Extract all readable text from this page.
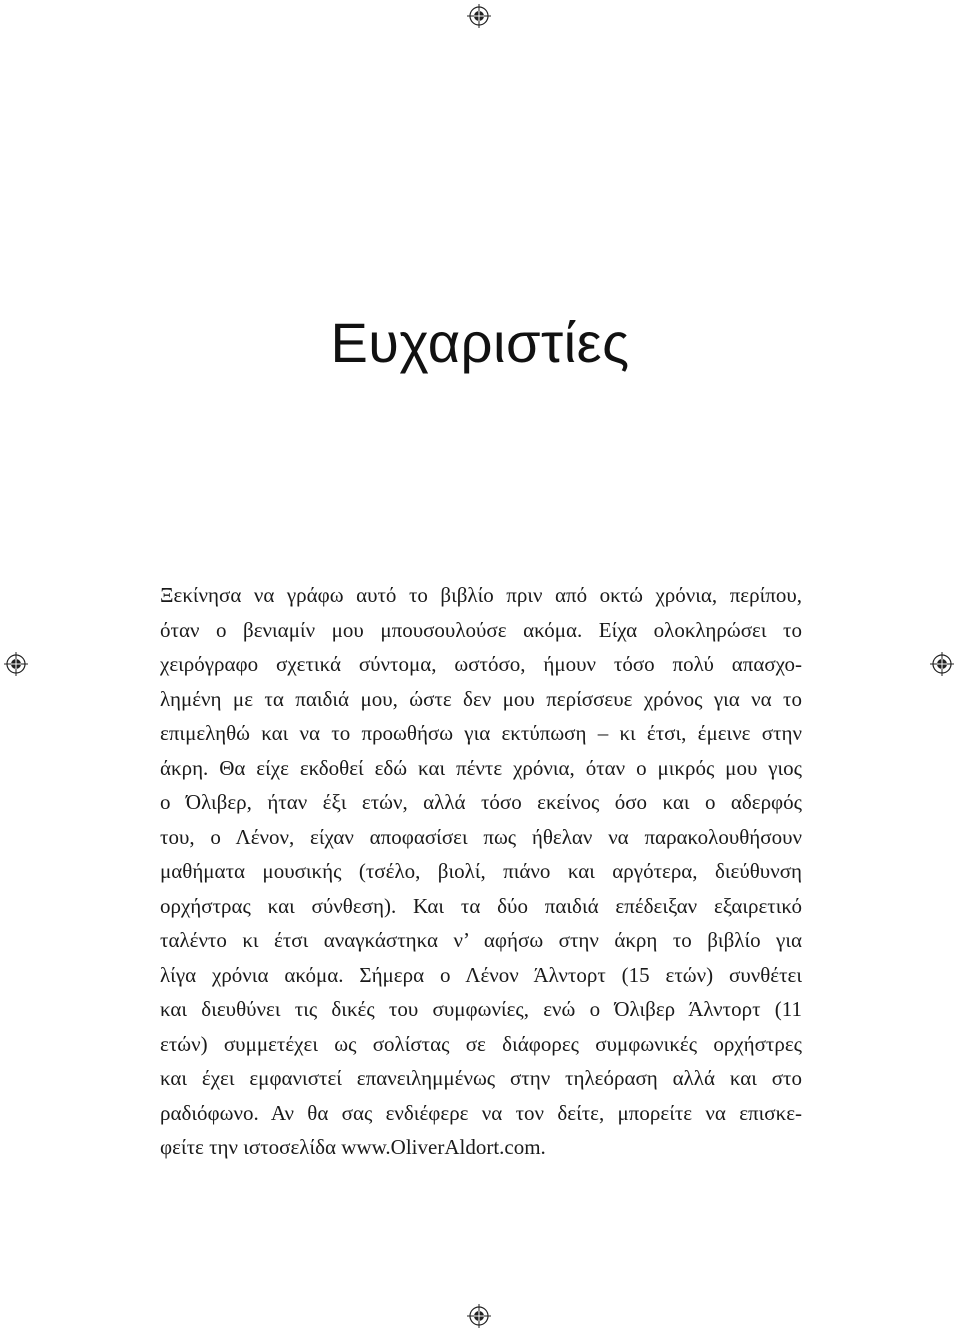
Ευχαριστίες
Ξεκίνησα να γράφω αυτό το βιβλίο πριν από οκτώ χρόνια, περίπου,
όταν ο βενιαμίν μου μπουσουλούσε ακόμα. Είχα ολοκληρώσει το
χειρόγραφο σχετικά σύντομα, ωστόσο, ήμουν τόσο πολύ απασχο-
λημένη με τα παιδιά μου, ώστε δεν μου περίσσευε χρόνος για να το
επιμεληθώ και να το προωθήσω για εκτύπωση – κι έτσι, έμεινε στην
άκρη. Θα είχε εκδοθεί εδώ και πέντε χρόνια, όταν ο μικρός μου γιος
ο Όλιβερ, ήταν έξι ετών, αλλά τόσο εκείνος όσο και ο αδερφός
του, ο Λένον, είχαν αποφασίσει πως ήθελαν να παρακολουθήσουν
μαθήματα μουσικής (τσέλο, βιολί, πιάνο και αργότερα, διεύθυνση
ορχήστρας και σύνθεση). Και τα δύο παιδιά επέδειξαν εξαιρετικό
ταλέντο κι έτσι αναγκάστηκα ν’ αφήσω στην άκρη το βιβλίο για
λίγα χρόνια ακόμα. Σήμερα ο Λένον Άλντορτ (15 ετών) συνθέτει
και διευθύνει τις δικές του συμφωνίες, ενώ ο Όλιβερ Άλντορτ (11
ετών) συμμετέχει ως σολίστας σε διάφορες συμφωνικές ορχήστρες
και έχει εμφανιστεί επανειλημμένως στην τηλεόραση αλλά και στο
ραδιόφωνο. Αν θα σας ενδιέφερε να τον δείτε, μπορείτε να επισκε-
φείτε την ιστοσελίδα www.OliverAldort.com.
